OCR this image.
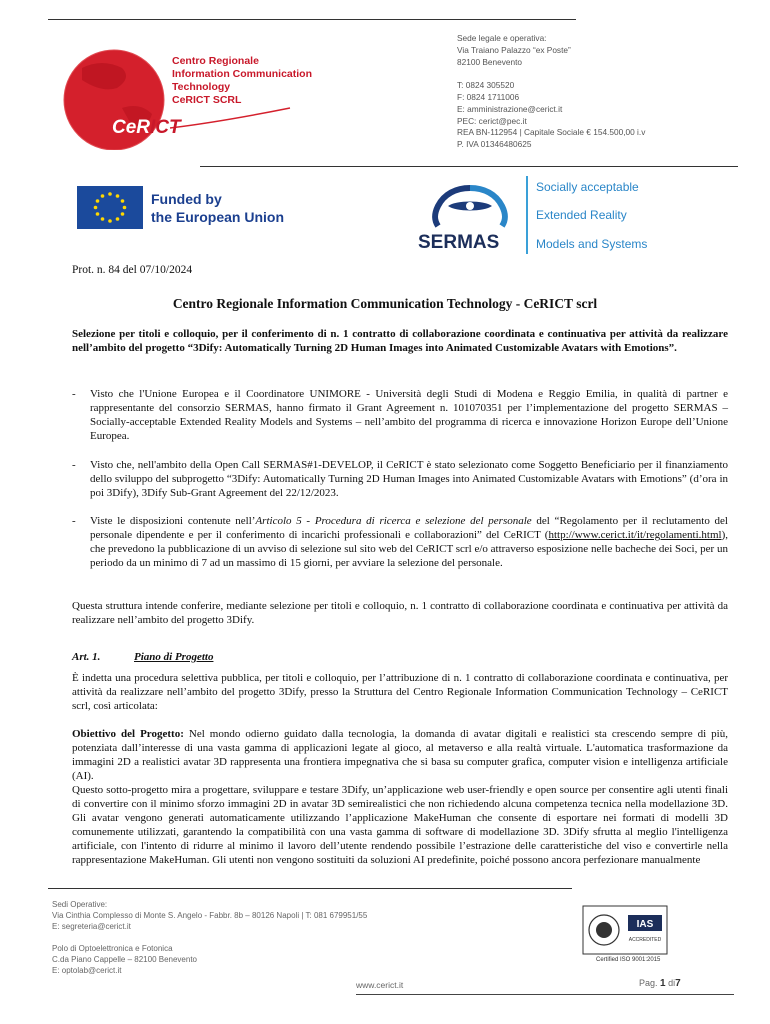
Centro Regionale
Information Communication
Technology
CeRICT SCRL
CeRICT
Sede legale e operativa:
Via Traiano Palazzo “ex Poste”
82100 Benevento
T: 0824 305520
F: 0824 1711006
E: amministrazione@cerict.it
PEC: cerict@pec.it
REA BN-112954 | Capitale Sociale € 154.500,00 i.v
P. IVA 01346480625
Funded by
the European Union
SERMAS
Socially acceptable
Extended Reality
Models and Systems
Prot. n. 84 del 07/10/2024
Centro Regionale Information Communication Technology - CeRICT scrl
Selezione per titoli e colloquio, per il conferimento di n. 1 contratto di collaborazione coordinata e continuativa per attività da realizzare nell’ambito del progetto “3Dify: Automatically Turning 2D Human Images into Animated Customizable Avatars with Emotions”.
- Visto che l'Unione Europea e il Coordinatore UNIMORE - Università degli Studi di Modena e Reggio Emilia, in qualità di partner e rappresentante del consorzio SERMAS, hanno firmato il Grant Agreement n. 101070351 per l’implementazione del progetto SERMAS – Socially-acceptable Extended Reality Models and Systems – nell’ambito del programma di ricerca e innovazione Horizon Europe dell’Unione Europea.
- Visto che, nell'ambito della Open Call SERMAS#1-DEVELOP, il CeRICT è stato selezionato come Soggetto Beneficiario per il finanziamento dello sviluppo del subprogetto “3Dify: Automatically Turning 2D Human Images into Animated Customizable Avatars with Emotions” (d’ora in poi 3Dify), 3Dify Sub-Grant Agreement del 22/12/2023.
- Viste le disposizioni contenute nell’Articolo 5 - Procedura di ricerca e selezione del personale del “Regolamento per il reclutamento del personale dipendente e per il conferimento di incarichi professionali e collaborazioni” del CeRICT (http://www.cerict.it/it/regolamenti.html), che prevedono la pubblicazione di un avviso di selezione sul sito web del CeRICT scrl e/o attraverso esposizione nelle bacheche dei Soci, per un periodo da un minimo di 7 ad un massimo di 15 giorni, per avviare la selezione del personale.
Questa struttura intende conferire, mediante selezione per titoli e colloquio, n. 1 contratto di collaborazione coordinata e continuativa per attività da realizzare nell’ambito del progetto 3Dify.
Art. 1.	Piano di Progetto
È indetta una procedura selettiva pubblica, per titoli e colloquio, per l’attribuzione di n. 1 contratto di collaborazione coordinata e continuativa, per attività da realizzare nell’ambito del progetto 3Dify, presso la Struttura del Centro Regionale Information Communication Technology – CeRICT scrl, così articolata:
Obiettivo del Progetto: Nel mondo odierno guidato dalla tecnologia, la domanda di avatar digitali e realistici sta crescendo sempre di più, potenziata dall’interesse di una vasta gamma di applicazioni legate al gioco, al metaverso e alla realtà virtuale. L'automatica trasformazione da immagini 2D a realistici avatar 3D rappresenta una frontiera impegnativa che si basa su computer grafica, computer vision e intelligenza artificiale (AI).
Questo sotto-progetto mira a progettare, sviluppare e testare 3Dify, un’applicazione web user-friendly e open source per consentire agli utenti finali di convertire con il minimo sforzo immagini 2D in avatar 3D semirealistici che non richiedendo alcuna competenza tecnica nella modellazione 3D. Gli avatar vengono generati automaticamente utilizzando l’applicazione MakeHuman che consente di esportare nei formati di modelli 3D comunemente utilizzati, garantendo la compatibilità con una vasta gamma di software di modellazione 3D. 3Dify sfrutta al meglio l'intelligenza artificiale, con l'intento di ridurre al minimo il lavoro dell’utente rendendo possibile l’estrazione delle caratteristiche del viso e convertirle nella rappresentazione MakeHuman. Gli utenti non vengono sostituiti da soluzioni AI predefinite, poiché possono ancora perfezionare manualmente
Sedi Operative:
Via Cinthia Complesso di Monte S. Angelo - Fabbr. 8b – 80126 Napoli | T: 081 679951/55
E: segreteria@cerict.it
Polo di Optoelettronica e Fotonica
C.da Piano Cappelle – 82100 Benevento
E: optolab@cerict.it
IAS
ACCREDITED
Certified ISO 9001:2015
www.cerict.it	Pag. 1 di7
